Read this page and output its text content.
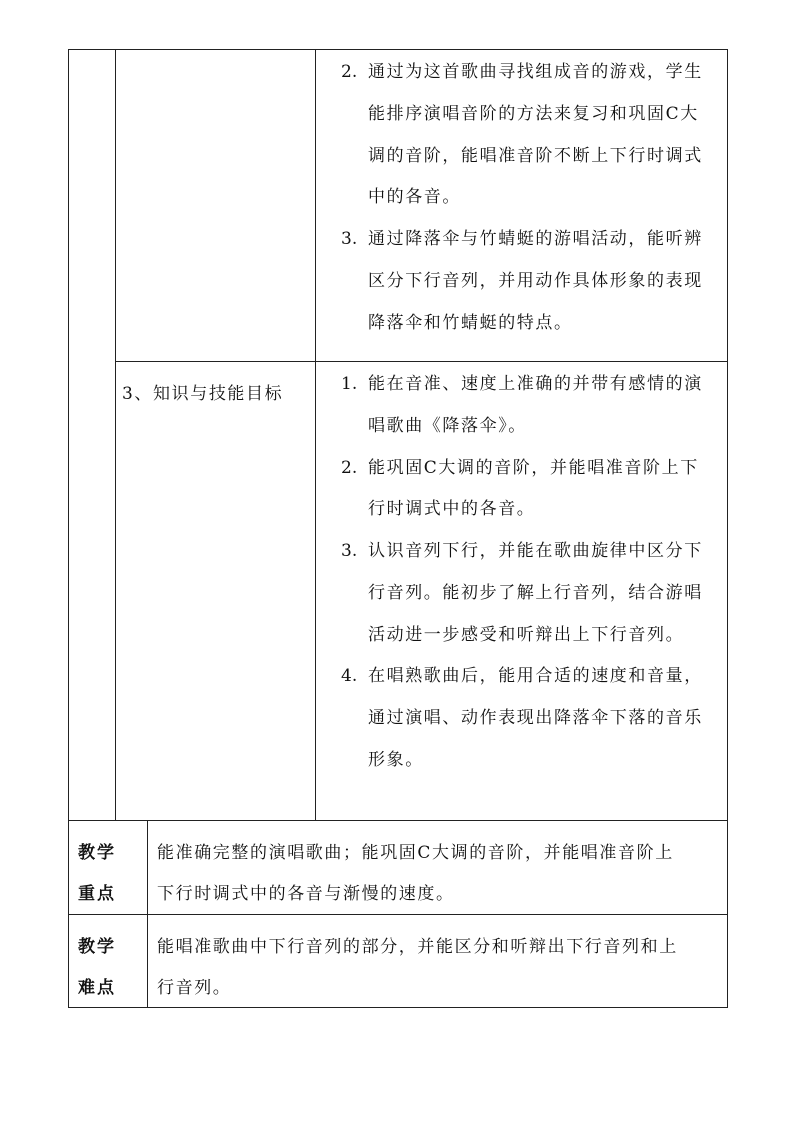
2. 通过为这首歌曲寻找组成音的游戏，学生
能排序演唱音阶的方法来复习和巩固C大
调的音阶，能唱准音阶不断上下行时调式
中的各音。
3. 通过降落伞与竹蜻蜓的游唱活动，能听辨
区分下行音列，并用动作具体形象的表现
降落伞和竹蜻蜓的特点。
3、知识与技能目标	1. 能在音准、速度上准确的并带有感情的演
唱歌曲《降落伞》。
2. 能巩固C大调的音阶，并能唱准音阶上下
行时调式中的各音。
3. 认识音列下行，并能在歌曲旋律中区分下
行音列。能初步了解上行音列，结合游唱
活动进一步感受和听辩出上下行音列。
4. 在唱熟歌曲后，能用合适的速度和音量，
通过演唱、动作表现出降落伞下落的音乐
形象。
教学
重点
能准确完整的演唱歌曲；能巩固C大调的音阶，并能唱准音阶上
下行时调式中的各音与渐慢的速度。
教学
难点
能唱准歌曲中下行音列的部分，并能区分和听辩出下行音列和上
行音列。
